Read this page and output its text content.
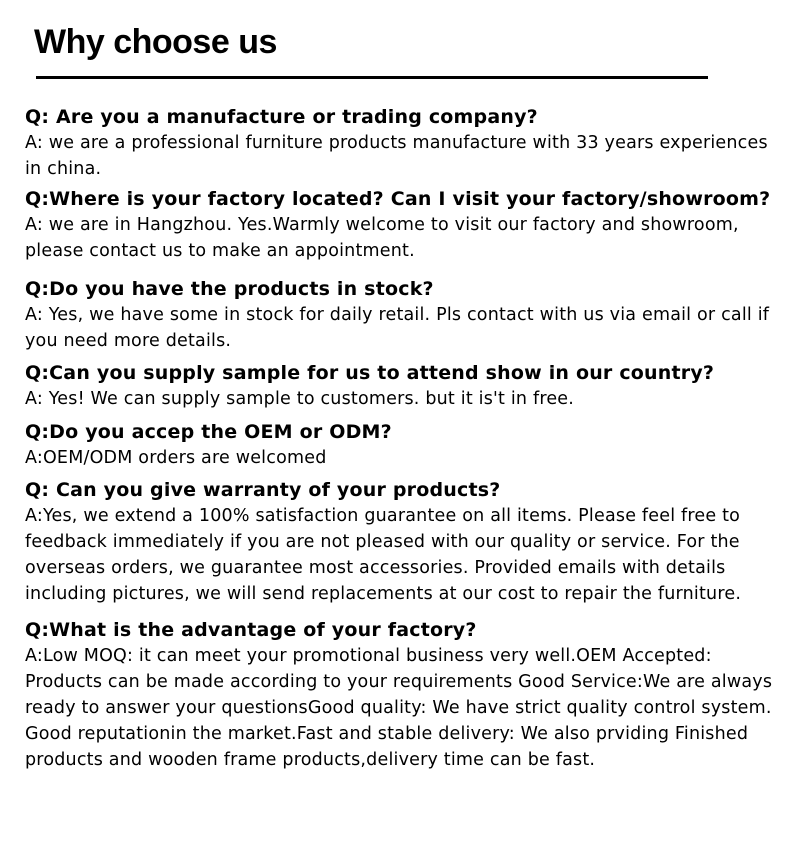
Why choose us
Q: Are you a manufacture or trading company?
A: we are a professional furniture products manufacture with 33 years experiences in china.
Q:Where is your factory located? Can I visit your factory/showroom?
A: we are in Hangzhou. Yes.Warmly welcome to visit our factory and showroom, please contact us to make an appointment.
Q:Do you have the products in stock?
A: Yes, we have some in stock for daily retail. Pls contact with us via email or call if you need more details.
Q:Can you supply sample for us to attend show in our country?
A: Yes! We can supply sample to customers. but it is't in free.
Q:Do you accep the OEM or ODM?
A:OEM/ODM orders are welcomed
Q: Can you give warranty of your products?
A:Yes, we extend a 100% satisfaction guarantee on all items. Please feel free to feedback immediately if you are not pleased with our quality or service. For the overseas orders, we guarantee most accessories. Provided emails with details including pictures, we will send replacements at our cost to repair the furniture.
Q:What is the advantage of your factory?
A:Low MOQ: it can meet your promotional business very well.OEM Accepted: Products can be made according to your requirements Good Service:We are always ready to answer your questionsGood quality: We have strict quality control system. Good reputationin the market.Fast and stable delivery: We also prviding Finished products and wooden frame products,delivery time can be fast.
